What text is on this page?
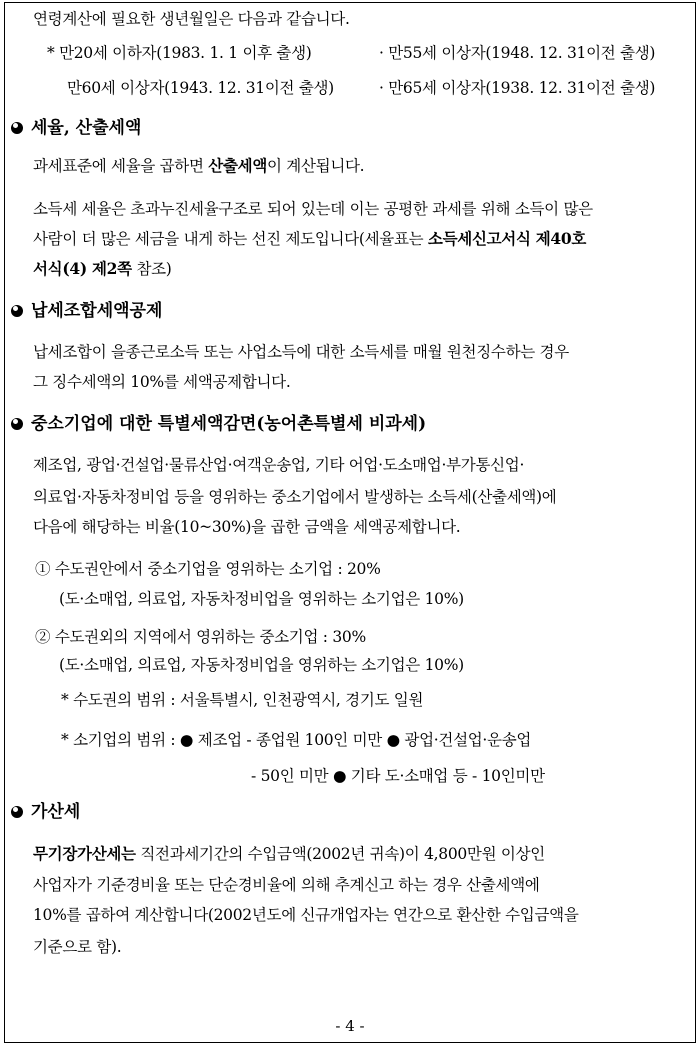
연령계산에 필요한 생년월일은 다음과 같습니다.
* 만20세 이하자(1983. 1. 1 이후 출생)	· 만55세 이상자(1948. 12. 31이전 출생)
만60세 이상자(1943. 12. 31이전 출생)	· 만65세 이상자(1938. 12. 31이전 출생)
세율, 산출세액
과세표준에 세율을 곱하면 산출세액이 계산됩니다.
소득세 세율은 초과누진세율구조로 되어 있는데 이는 공평한 과세를 위해 소득이 많은
사람이 더 많은 세금을 내게 하는 선진 제도입니다(세율표는 소득세신고서식 제40호
서식(4) 제2쪽 참조)
납세조합세액공제
납세조합이 을종근로소득 또는 사업소득에 대한 소득세를 매월 원천징수하는 경우
그 징수세액의 10%를 세액공제합니다.
중소기업에 대한 특별세액감면(농어촌특별세 비과세)
제조업, 광업·건설업·물류산업·여객운송업, 기타 어업·도소매업·부가통신업·
의료업·자동차정비업 등을 영위하는 중소기업에서 발생하는 소득세(산출세액)에
다음에 해당하는 비율(10~30%)을 곱한 금액을 세액공제합니다.
① 수도권안에서 중소기업을 영위하는 소기업 : 20%
(도·소매업, 의료업, 자동차정비업을 영위하는 소기업은 10%)
② 수도권외의 지역에서 영위하는 중소기업 : 30%
(도·소매업, 의료업, 자동차정비업을 영위하는 소기업은 10%)
* 수도권의 범위 : 서울특별시, 인천광역시, 경기도 일원
* 소기업의 범위 : ● 제조업 - 종업원 100인 미만 ● 광업·건설업·운송업
- 50인 미만 ● 기타 도·소매업 등 - 10인미만
가산세
무기장가산세는 직전과세기간의 수입금액(2002년 귀속)이 4,800만원 이상인
사업자가 기준경비율 또는 단순경비율에 의해 추계신고 하는 경우 산출세액에
10%를 곱하여 계산합니다(2002년도에 신규개업자는 연간으로 환산한 수입금액을
기준으로 함).
- 4 -
